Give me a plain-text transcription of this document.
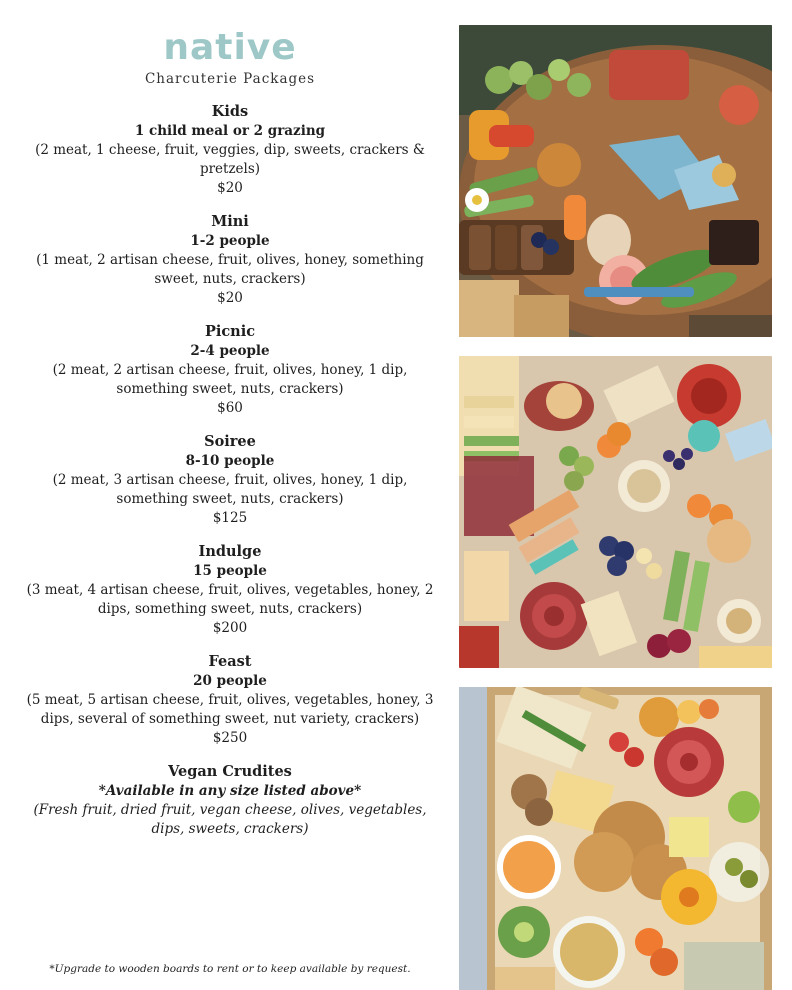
native
Charcuterie Packages
Kids
1 child meal or 2 grazing
(2 meat, 1 cheese, fruit, veggies, dip, sweets, crackers & pretzels)
$20
Mini
1-2 people
(1 meat, 2 artisan cheese, fruit, olives, honey, something sweet, nuts, crackers)
$20
Picnic
2-4 people
(2 meat, 2 artisan cheese, fruit, olives, honey, 1 dip, something sweet, nuts, crackers)
$60
Soiree
8-10 people
(2 meat, 3 artisan cheese, fruit, olives, honey, 1 dip, something sweet, nuts, crackers)
$125
Indulge
15 people
(3 meat, 4 artisan cheese, fruit, olives, vegetables, honey, 2 dips, something sweet, nuts, crackers)
$200
Feast
20 people
(5 meat, 5 artisan cheese, fruit, olives, vegetables, honey, 3 dips, several of something sweet, nut variety, crackers)
$250
Vegan Crudites
*Available in any size listed above*
(Fresh fruit, dried fruit, vegan cheese, olives, vegetables, dips, sweets, crackers)
*Upgrade to wooden boards to rent or to keep available by request.
